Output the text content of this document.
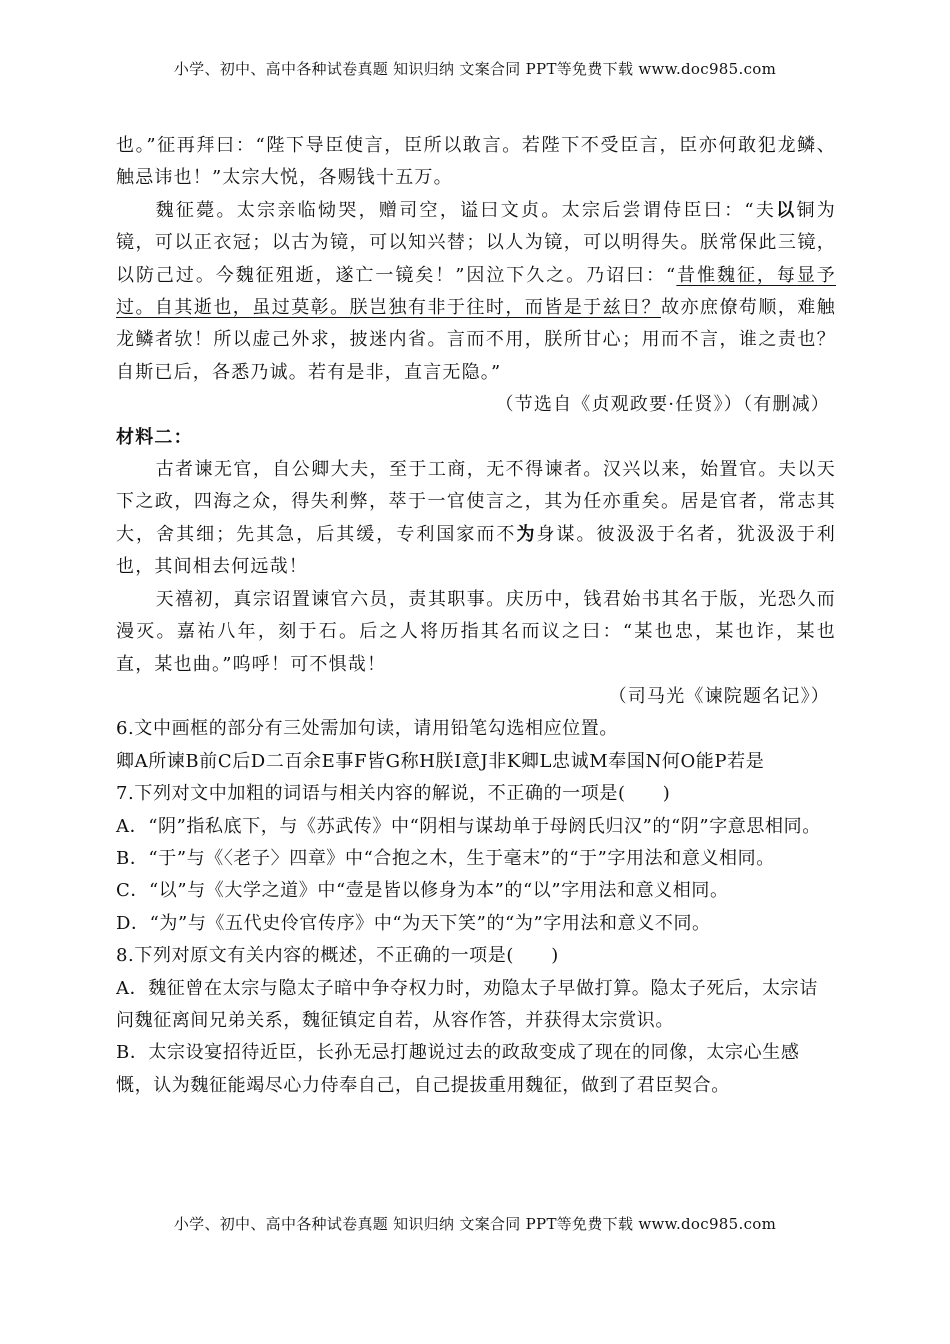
小学、初中、高中各种试卷真题 知识归纳 文案合同 PPT等免费下载 www.doc985.com

也。”征再拜曰：“陛下导臣使言，臣所以敢言。若陛下不受臣言，臣亦何敢犯龙鳞、触忌讳也！”太宗大悦，各赐钱十五万。

魏征薨。太宗亲临恸哭，赠司空，谥曰文贞。太宗后尝谓侍臣曰：“夫以铜为镜，可以正衣冠；以古为镜，可以知兴替；以人为镜，可以明得失。朕常保此三镜，以防己过。今魏征殂逝，遂亡一镜矣！”因泣下久之。乃诏曰：“昔惟魏征，每显予过。自其逝也，虽过莫彰。朕岂独有非于往时，而皆是于兹日？故亦庶僚苟顺，难触龙鳞者欤！所以虚己外求，披迷内省。言而不用，朕所甘心；用而不言，谁之责也？自斯已后，各悉乃诚。若有是非，直言无隐。”

（节选自《贞观政要·任贤》）（有删减）

材料二：

古者谏无官，自公卿大夫，至于工商，无不得谏者。汉兴以来，始置官。夫以天下之政，四海之众，得失利弊，萃于一官使言之，其为任亦重矣。居是官者，常志其大，舍其细；先其急，后其缓，专利国家而不为身谋。彼汲汲于名者，犹汲汲于利也，其间相去何远哉！

天禧初，真宗诏置谏官六员，责其职事。庆历中，钱君始书其名于版，光恐久而漫灭。嘉祐八年，刻于石。后之人将历指其名而议之曰：“某也忠，某也诈，某也直，某也曲。”呜呼！可不惧哉！

（司马光《谏院题名记》）

6.文中画框的部分有三处需加句读，请用铅笔勾选相应位置。

卿A所谏B前C后D二百余E事F皆G称H朕I意J非K卿L忠诚M奉国N何O能P若是

7.下列对文中加粗的词语与相关内容的解说，不正确的一项是(　　)

A．“阴”指私底下，与《苏武传》中“阴相与谋劫单于母阏氏归汉”的“阴”字意思相同。

B．“于”与《〈老子〉四章》中“合抱之木，生于毫末”的“于”字用法和意义相同。

C．“以”与《大学之道》中“壹是皆以修身为本”的“以”字用法和意义相同。

D．“为”与《五代史伶官传序》中“为天下笑”的“为”字用法和意义不同。

8.下列对原文有关内容的概述，不正确的一项是(　　)

A．魏征曾在太宗与隐太子暗中争夺权力时，劝隐太子早做打算。隐太子死后，太宗诘问魏征离间兄弟关系，魏征镇定自若，从容作答，并获得太宗赏识。

B．太宗设宴招待近臣，长孙无忌打趣说过去的政敌变成了现在的同像，太宗心生感慨，认为魏征能竭尽心力侍奉自己，自己提拔重用魏征，做到了君臣契合。

小学、初中、高中各种试卷真题 知识归纳 文案合同 PPT等免费下载 www.doc985.com
